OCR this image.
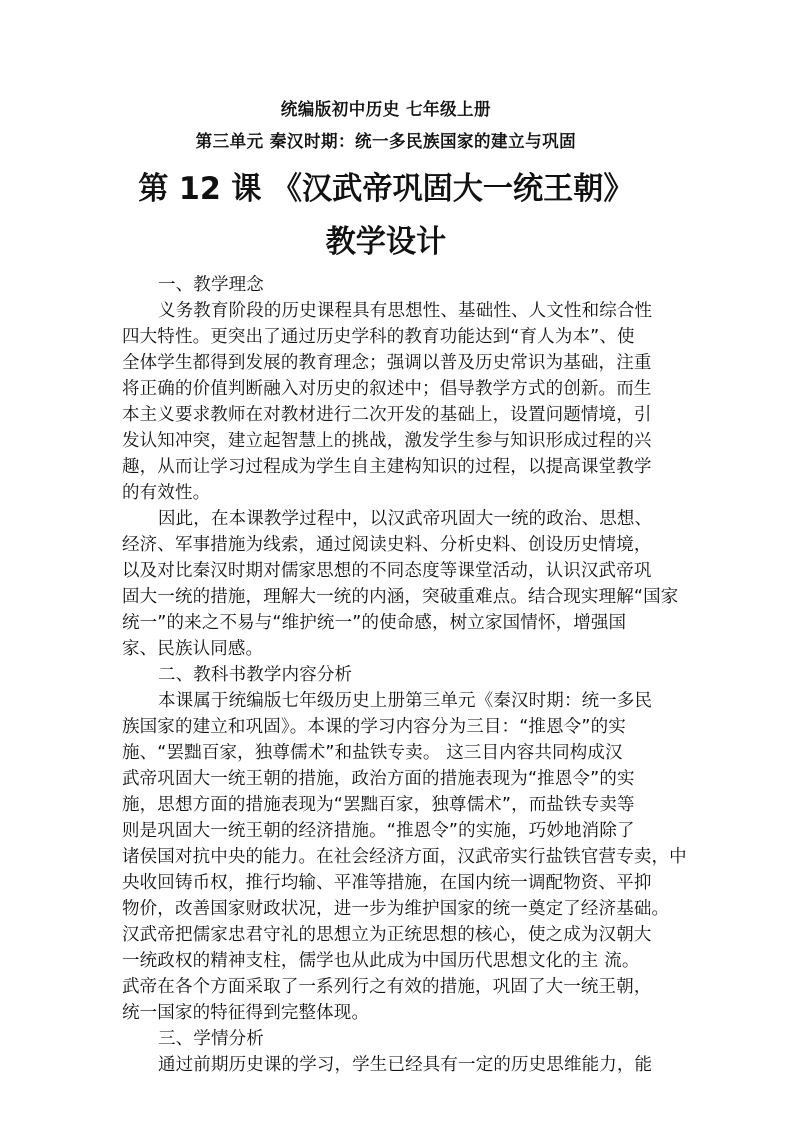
统编版初中历史 七年级上册
第三单元 秦汉时期：统一多民族国家的建立与巩固
第 12 课 《汉武帝巩固大一统王朝》
教学设计
一、教学理念
义务教育阶段的历史课程具有思想性、基础性、人文性和综合性
四大特性。更突出了通过历史学科的教育功能达到“育人为本”、使
全体学生都得到发展的教育理念；强调以普及历史常识为基础，注重
将正确的价值判断融入对历史的叙述中；倡导教学方式的创新。而生
本主义要求教师在对教材进行二次开发的基础上，设置问题情境，引
发认知冲突，建立起智慧上的挑战，激发学生参与知识形成过程的兴
趣，从而让学习过程成为学生自主建构知识的过程，以提高课堂教学
的有效性。
因此，在本课教学过程中，以汉武帝巩固大一统的政治、思想、
经济、军事措施为线索，通过阅读史料、分析史料、创设历史情境，
以及对比秦汉时期对儒家思想的不同态度等课堂活动，认识汉武帝巩
固大一统的措施，理解大一统的内涵，突破重难点。结合现实理解“国家
统一”的来之不易与“维护统一”的使命感，树立家国情怀，增强国
家、民族认同感。
二、教科书教学内容分析
本课属于统编版七年级历史上册第三单元《秦汉时期：统一多民
族国家的建立和巩固》。本课的学习内容分为三目：“推恩令”的实
施、“罢黜百家，独尊儒术”和盐铁专卖。 这三目内容共同构成汉
武帝巩固大一统王朝的措施，政治方面的措施表现为“推恩令”的实
施，思想方面的措施表现为“罢黜百家，独尊儒术”，而盐铁专卖等
则是巩固大一统王朝的经济措施。“推恩令”的实施，巧妙地消除了
诸侯国对抗中央的能力。在社会经济方面，汉武帝实行盐铁官营专卖，中
央收回铸币权，推行均输、平准等措施，在国内统一调配物资、平抑
物价，改善国家财政状况，进一步为维护国家的统一奠定了经济基础。
汉武帝把儒家忠君守礼的思想立为正统思想的核心，使之成为汉朝大
一统政权的精神支柱，儒学也从此成为中国历代思想文化的主 流。
武帝在各个方面采取了一系列行之有效的措施，巩固了大一统王朝，
统一国家的特征得到完整体现。
三、学情分析
通过前期历史课的学习，学生已经具有一定的历史思维能力，能
